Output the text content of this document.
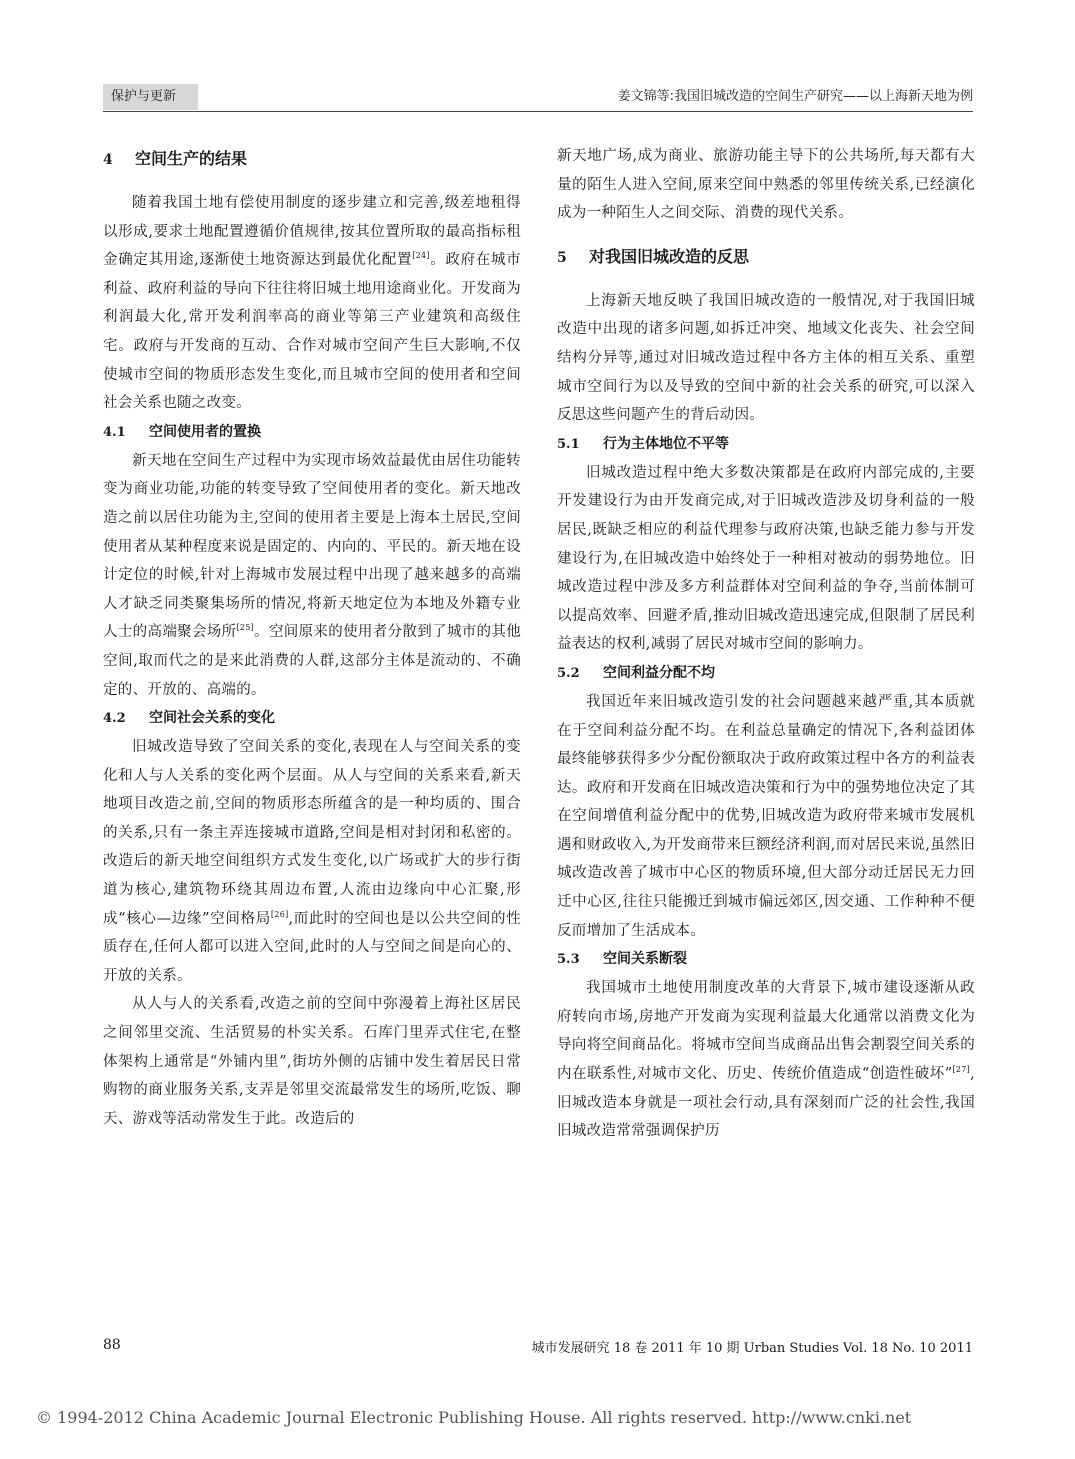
保护与更新	姜文锦等:我国旧城改造的空间生产研究——以上海新天地为例
4 空间生产的结果

随着我国土地有偿使用制度的逐步建立和完善,级差地租得以形成,要求土地配置遵循价值规律,按其位置所取的最高指标租金确定其用途,逐渐使土地资源达到最优化配置[24]。政府在城市利益、政府利益的导向下往往将旧城土地用途商业化。开发商为利润最大化,常开发利润率高的商业等第三产业建筑和高级住宅。政府与开发商的互动、合作对城市空间产生巨大影响,不仅使城市空间的物质形态发生变化,而且城市空间的使用者和空间社会关系也随之改变。

4.1 空间使用者的置换

新天地在空间生产过程中为实现市场效益最优由居住功能转变为商业功能,功能的转变导致了空间使用者的变化。新天地改造之前以居住功能为主,空间的使用者主要是上海本土居民,空间使用者从某种程度来说是固定的、内向的、平民的。新天地在设计定位的时候,针对上海城市发展过程中出现了越来越多的高端人才缺乏同类聚集场所的情况,将新天地定位为本地及外籍专业人士的高端聚会场所[25]。空间原来的使用者分散到了城市的其他空间,取而代之的是来此消费的人群,这部分主体是流动的、不确定的、开放的、高端的。

4.2 空间社会关系的变化

旧城改造导致了空间关系的变化,表现在人与空间关系的变化和人与人关系的变化两个层面。从人与空间的关系来看,新天地项目改造之前,空间的物质形态所蕴含的是一种均质的、围合的关系,只有一条主弄连接城市道路,空间是相对封闭和私密的。改造后的新天地空间组织方式发生变化,以广场或扩大的步行街道为核心,建筑物环绕其周边布置,人流由边缘向中心汇聚,形成“核心—边缘”空间格局[26],而此时的空间也是以公共空间的性质存在,任何人都可以进入空间,此时的人与空间之间是向心的、开放的关系。

从人与人的关系看,改造之前的空间中弥漫着上海社区居民之间邻里交流、生活贸易的朴实关系。石库门里弄式住宅,在整体架构上通常是“外铺内里”,街坊外侧的店铺中发生着居民日常购物的商业服务关系,支弄是邻里交流最常发生的场所,吃饭、聊天、游戏等活动常发生于此。改造后的

新天地广场,成为商业、旅游功能主导下的公共场所,每天都有大量的陌生人进入空间,原来空间中熟悉的邻里传统关系,已经演化成为一种陌生人之间交际、消费的现代关系。

5 对我国旧城改造的反思

上海新天地反映了我国旧城改造的一般情况,对于我国旧城改造中出现的诸多问题,如拆迁冲突、地域文化丧失、社会空间结构分异等,通过对旧城改造过程中各方主体的相互关系、重塑城市空间行为以及导致的空间中新的社会关系的研究,可以深入反思这些问题产生的背后动因。

5.1 行为主体地位不平等

旧城改造过程中绝大多数决策都是在政府内部完成的,主要开发建设行为由开发商完成,对于旧城改造涉及切身利益的一般居民,既缺乏相应的利益代理参与政府决策,也缺乏能力参与开发建设行为,在旧城改造中始终处于一种相对被动的弱势地位。旧城改造过程中涉及多方利益群体对空间利益的争夺,当前体制可以提高效率、回避矛盾,推动旧城改造迅速完成,但限制了居民利益表达的权利,减弱了居民对城市空间的影响力。

5.2 空间利益分配不均

我国近年来旧城改造引发的社会问题越来越严重,其本质就在于空间利益分配不均。在利益总量确定的情况下,各利益团体最终能够获得多少分配份额取决于政府政策过程中各方的利益表达。政府和开发商在旧城改造决策和行为中的强势地位决定了其在空间增值利益分配中的优势,旧城改造为政府带来城市发展机遇和财政收入,为开发商带来巨额经济利润,而对居民来说,虽然旧城改造改善了城市中心区的物质环境,但大部分动迁居民无力回迁中心区,往往只能搬迁到城市偏远郊区,因交通、工作种种不便反而增加了生活成本。

5.3 空间关系断裂

我国城市土地使用制度改革的大背景下,城市建设逐渐从政府转向市场,房地产开发商为实现利益最大化通常以消费文化为导向将空间商品化。将城市空间当成商品出售会割裂空间关系的内在联系性,对城市文化、历史、传统价值造成“创造性破坏”[27],旧城改造本身就是一项社会行动,具有深刻而广泛的社会性,我国旧城改造常常强调保护历

88	城市发展研究 18 卷 2011 年 10 期 Urban Studies Vol. 18 No. 10 2011
© 1994-2012 China Academic Journal Electronic Publishing House. All rights reserved. http://www.cnki.net
